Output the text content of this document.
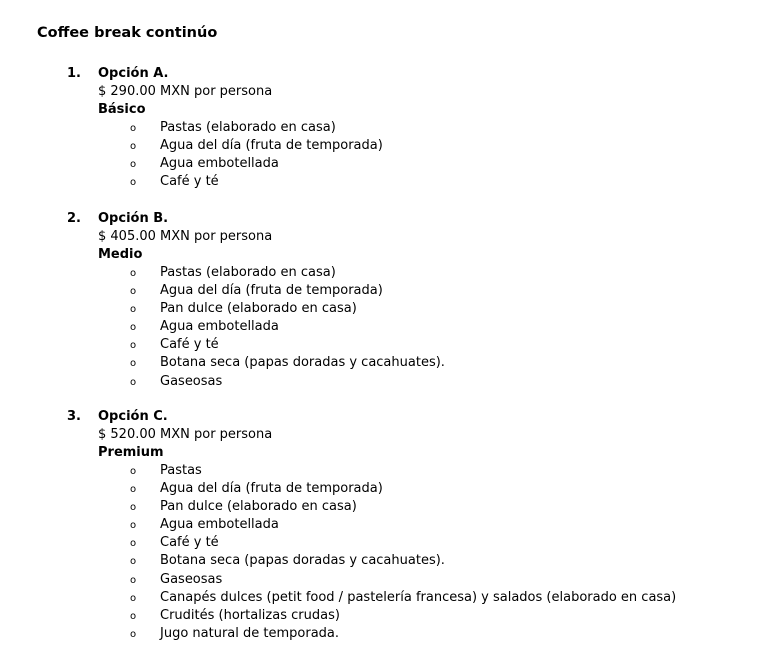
Coffee break continúo
1. Opción A.
$ 290.00 MXN por persona
Básico
o Pastas (elaborado en casa)
o Agua del día (fruta de temporada)
o Agua embotellada
o Café y té
2. Opción B.
$ 405.00 MXN por persona
Medio
o Pastas (elaborado en casa)
o Agua del día (fruta de temporada)
o Pan dulce (elaborado en casa)
o Agua embotellada
o Café y té
o Botana seca (papas doradas y cacahuates).
o Gaseosas
3. Opción C.
$ 520.00 MXN por persona
Premium
o Pastas
o Agua del día (fruta de temporada)
o Pan dulce (elaborado en casa)
o Agua embotellada
o Café y té
o Botana seca (papas doradas y cacahuates).
o Gaseosas
o Canapés dulces (petit food / pastelería francesa) y salados (elaborado en casa)
o Crudités (hortalizas crudas)
o Jugo natural de temporada.
